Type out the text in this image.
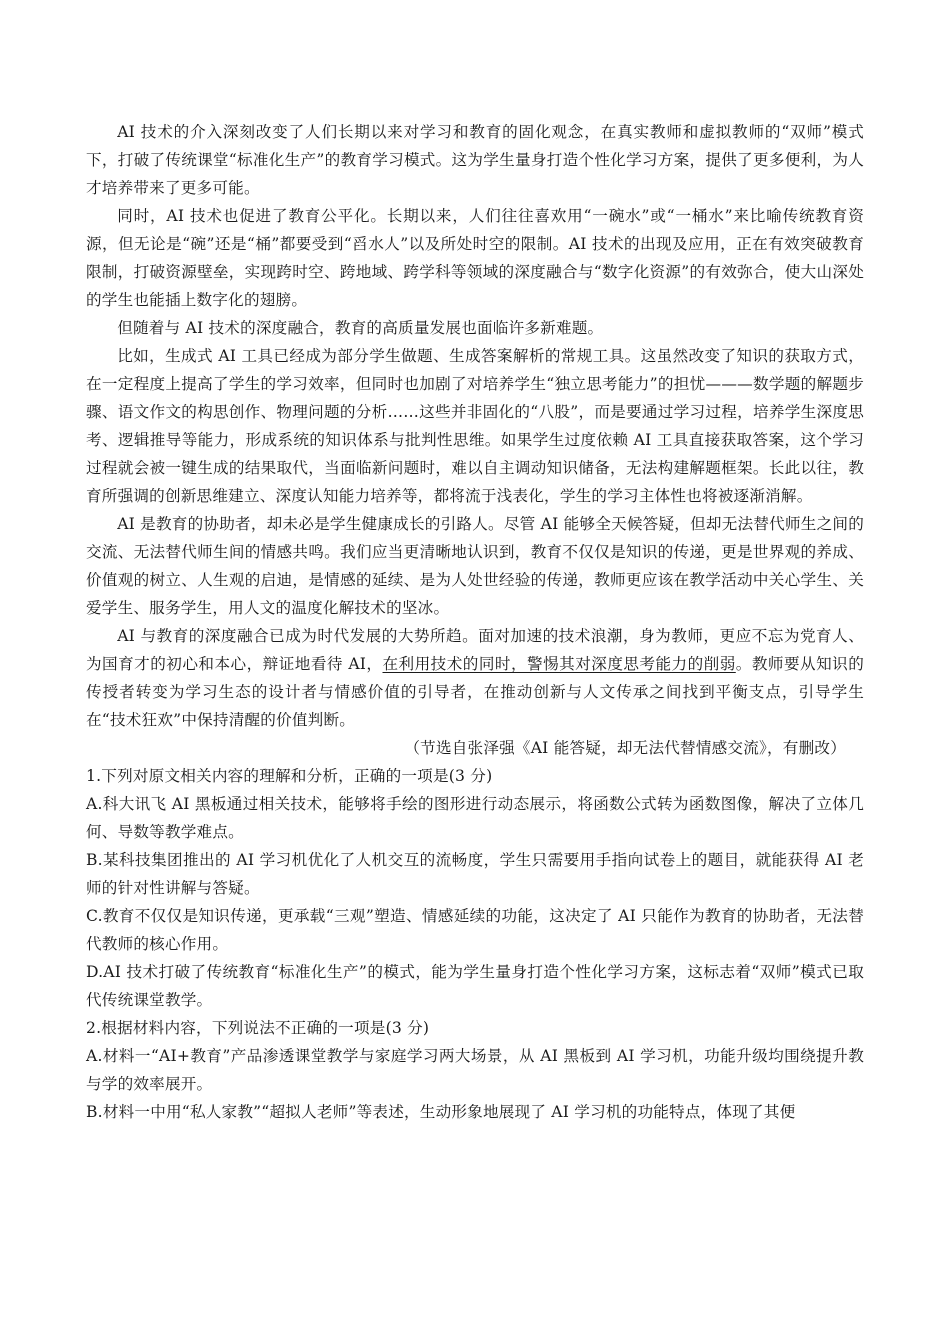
AI 技术的介入深刻改变了人们长期以来对学习和教育的固化观念，在真实教师和虚拟教师的“双师”模式下，打破了传统课堂“标准化生产”的教育学习模式。这为学生量身打造个性化学习方案，提供了更多便利，为人才培养带来了更多可能。

同时，AI 技术也促进了教育公平化。长期以来，人们往往喜欢用“一碗水”或“一桶水”来比喻传统教育资源，但无论是“碗”还是“桶”都要受到“舀水人”以及所处时空的限制。AI 技术的出现及应用，正在有效突破教育限制，打破资源壁垒，实现跨时空、跨地域、跨学科等领域的深度融合与“数字化资源”的有效弥合，使大山深处的学生也能插上数字化的翅膀。

但随着与 AI 技术的深度融合，教育的高质量发展也面临许多新难题。

比如，生成式 AI 工具已经成为部分学生做题、生成答案解析的常规工具。这虽然改变了知识的获取方式，在一定程度上提高了学生的学习效率，但同时也加剧了对培养学生“独立思考能力”的担忧———数学题的解题步骤、语文作文的构思创作、物理问题的分析……这些并非固化的“八股”，而是要通过学习过程，培养学生深度思考、逻辑推导等能力，形成系统的知识体系与批判性思维。如果学生过度依赖 AI 工具直接获取答案，这个学习过程就会被一键生成的结果取代，当面临新问题时，难以自主调动知识储备，无法构建解题框架。长此以往，教育所强调的创新思维建立、深度认知能力培养等，都将流于浅表化，学生的学习主体性也将被逐渐消解。

AI 是教育的协助者，却未必是学生健康成长的引路人。尽管 AI 能够全天候答疑，但却无法替代师生之间的交流、无法替代师生间的情感共鸣。我们应当更清晰地认识到，教育不仅仅是知识的传递，更是世界观的养成、价值观的树立、人生观的启迪，是情感的延续、是为人处世经验的传递，教师更应该在教学活动中关心学生、关爱学生、服务学生，用人文的温度化解技术的坚冰。

AI 与教育的深度融合已成为时代发展的大势所趋。面对加速的技术浪潮，身为教师，更应不忘为党育人、为国育才的初心和本心，辩证地看待 AI，在利用技术的同时，警惕其对深度思考能力的削弱。教师要从知识的传授者转变为学习生态的设计者与情感价值的引导者，在推动创新与人文传承之间找到平衡支点，引导学生在“技术狂欢”中保持清醒的价值判断。

（节选自张泽强《AI 能答疑，却无法代替情感交流》，有删改）

1.下列对原文相关内容的理解和分析，正确的一项是(3 分)

A.科大讯飞 AI 黑板通过相关技术，能够将手绘的图形进行动态展示，将函数公式转为函数图像，解决了立体几何、导数等教学难点。

B.某科技集团推出的 AI 学习机优化了人机交互的流畅度，学生只需要用手指向试卷上的题目，就能获得 AI 老师的针对性讲解与答疑。

C.教育不仅仅是知识传递，更承载“三观”塑造、情感延续的功能，这决定了 AI 只能作为教育的协助者，无法替代教师的核心作用。

D.AI 技术打破了传统教育“标准化生产”的模式，能为学生量身打造个性化学习方案，这标志着“双师”模式已取代传统课堂教学。

2.根据材料内容，下列说法不正确的一项是(3 分)

A.材料一“AI+教育”产品渗透课堂教学与家庭学习两大场景，从 AI 黑板到 AI 学习机，功能升级均围绕提升教与学的效率展开。

B.材料一中用“私人家教”“超拟人老师”等表述，生动形象地展现了 AI 学习机的功能特点，体现了其便
